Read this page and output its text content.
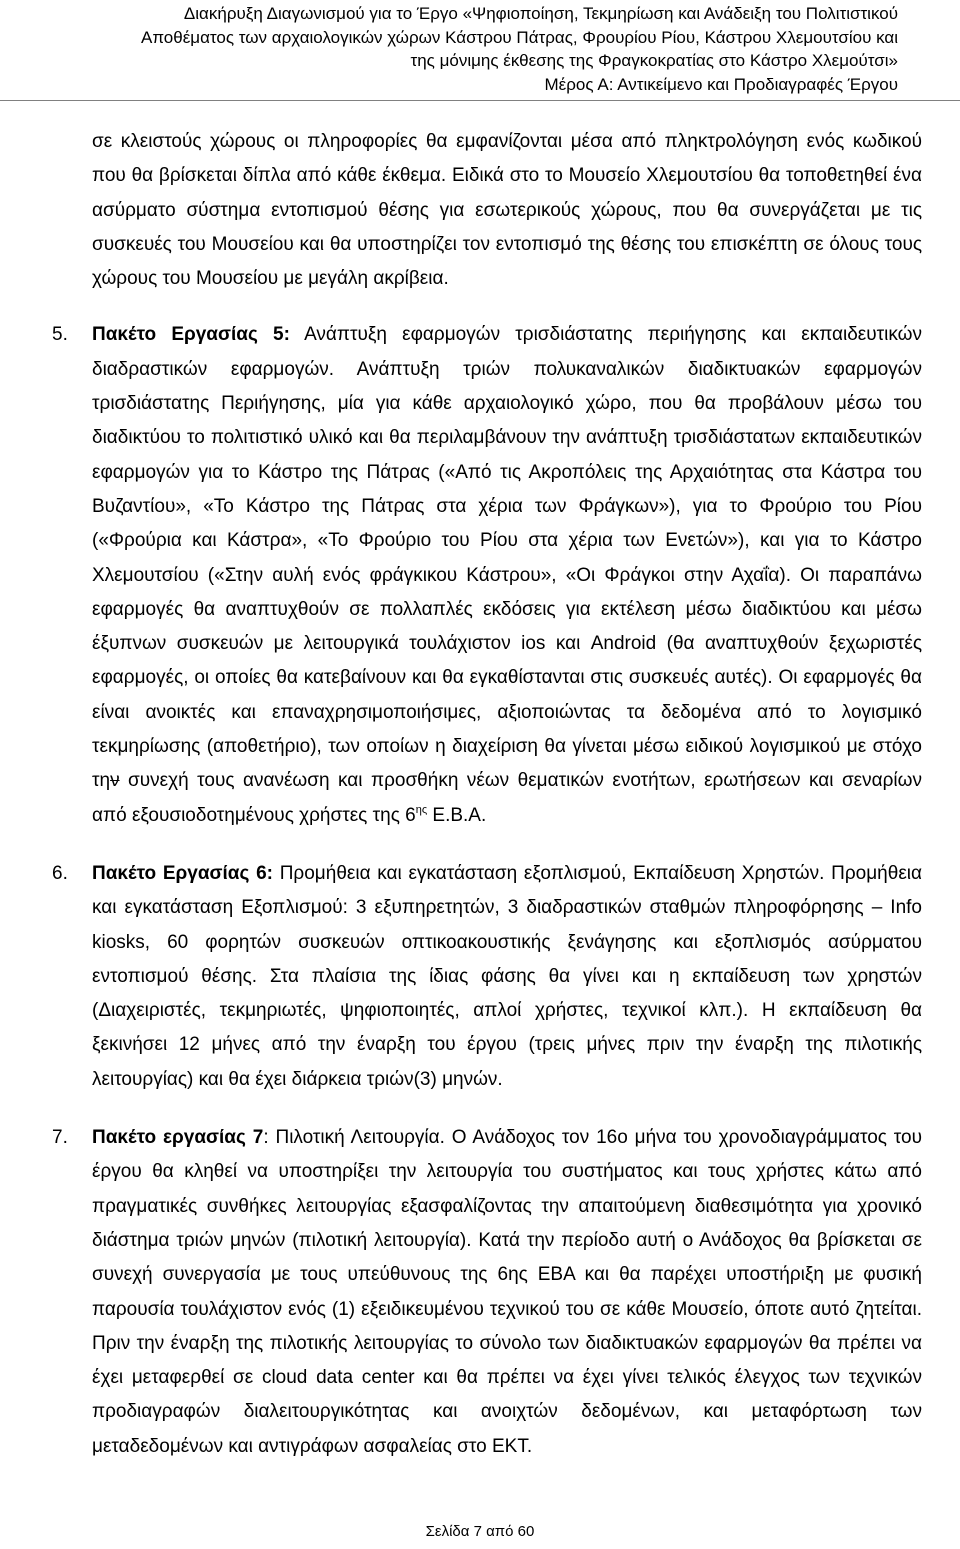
Διακήρυξη Διαγωνισμού για το Έργο «Ψηφιοποίηση, Τεκμηρίωση και Ανάδειξη του Πολιτιστικού
Αποθέματος των αρχαιολογικών χώρων Κάστρου Πάτρας, Φρουρίου Ρίου, Κάστρου Χλεμουτσίου και
της μόνιμης έκθεσης της Φραγκοκρατίας στο Κάστρο Χλεμούτσι»
Μέρος Α: Αντικείμενο και Προδιαγραφές Έργου

σε κλειστούς χώρους οι πληροφορίες θα εμφανίζονται μέσα από πληκτρολόγηση ενός κωδικού που θα βρίσκεται δίπλα από κάθε έκθεμα. Ειδικά στο το Μουσείο Χλεμουτσίου θα τοποθετηθεί ένα ασύρματο σύστημα εντοπισμού θέσης για εσωτερικούς χώρους, που θα συνεργάζεται με τις συσκευές του Μουσείου και θα υποστηρίζει τον εντοπισμό της θέσης του επισκέπτη σε όλους τους χώρους του Μουσείου με μεγάλη ακρίβεια.

5. Πακέτο Εργασίας 5: Ανάπτυξη εφαρμογών τρισδιάστατης περιήγησης και εκπαιδευτικών διαδραστικών εφαρμογών. Ανάπτυξη τριών πολυκαναλικών διαδικτυακών εφαρμογών τρισδιάστατης Περιήγησης, μία για κάθε αρχαιολογικό χώρο, που θα προβάλουν μέσω του διαδικτύου το πολιτιστικό υλικό και θα περιλαμβάνουν την ανάπτυξη τρισδιάστατων εκπαιδευτικών εφαρμογών για το Κάστρο της Πάτρας («Από τις Ακροπόλεις της Αρχαιότητας στα Κάστρα του Βυζαντίου», «Το Κάστρο της Πάτρας στα χέρια των Φράγκων»), για το Φρούριο του Ρίου («Φρούρια και Κάστρα», «Το Φρούριο του Ρίου στα χέρια των Ενετών»), και για το Κάστρο Χλεμουτσίου («Στην αυλή ενός φράγκικου Κάστρου», «Οι Φράγκοι στην Αχαΐα). Οι παραπάνω εφαρμογές θα αναπτυχθούν σε πολλαπλές εκδόσεις για εκτέλεση μέσω διαδικτύου και μέσω έξυπνων συσκευών με λειτουργικά τουλάχιστον ios και Android (θα αναπτυχθούν ξεχωριστές εφαρμογές, οι οποίες θα κατεβαίνουν και θα εγκαθίστανται στις συσκευές αυτές). Οι εφαρμογές θα είναι ανοικτές και επαναχρησιμοποιήσιμες, αξιοποιώντας τα δεδομένα από το λογισμικό τεκμηρίωσης (αποθετήριο), των οποίων η διαχείριση θα γίνεται μέσω ειδικού λογισμικού με στόχο την συνεχή τους ανανέωση και προσθήκη νέων θεματικών ενοτήτων, ερωτήσεων και σεναρίων από εξουσιοδοτημένους χρήστες της $6^{\eta\varsigma}$ Ε.Β.Α.

6. Πακέτο Εργασίας 6: Προμήθεια και εγκατάσταση εξοπλισμού, Εκπαίδευση Χρηστών. Προμήθεια και εγκατάσταση Εξοπλισμού: 3 εξυπηρετητών, 3 διαδραστικών σταθμών πληροφόρησης – Info kiosks, 60 φορητών συσκευών οπτικοακουστικής ξενάγησης και εξοπλισμός ασύρματου εντοπισμού θέσης. Στα πλαίσια της ίδιας φάσης θα γίνει και η εκπαίδευση των χρηστών (Διαχειριστές, τεκμηριωτές, ψηφιοποιητές, απλοί χρήστες, τεχνικοί κλπ.). Η εκπαίδευση θα ξεκινήσει 12 μήνες από την έναρξη του έργου (τρεις μήνες πριν την έναρξη της πιλοτικής λειτουργίας) και θα έχει διάρκεια τριών(3) μηνών.

7. Πακέτο εργασίας 7: Πιλοτική Λειτουργία. Ο Ανάδοχος τον 16ο μήνα του χρονοδιαγράμματος του έργου θα κληθεί να υποστηρίξει την λειτουργία του συστήματος και τους χρήστες κάτω από πραγματικές συνθήκες λειτουργίας εξασφαλίζοντας την απαιτούμενη διαθεσιμότητα για χρονικό διάστημα τριών μηνών (πιλοτική λειτουργία). Κατά την περίοδο αυτή ο Ανάδοχος θα βρίσκεται σε συνεχή συνεργασία με τους υπεύθυνους της 6ης ΕΒΑ και θα παρέχει υποστήριξη με φυσική παρουσία τουλάχιστον ενός (1) εξειδικευμένου τεχνικού του σε κάθε Μουσείο, όποτε αυτό ζητείται. Πριν την έναρξη της πιλοτικής λειτουργίας το σύνολο των διαδικτυακών εφαρμογών θα πρέπει να έχει μεταφερθεί σε cloud data center και θα πρέπει να έχει γίνει τελικός έλεγχος των τεχνικών προδιαγραφών διαλειτουργικότητας και ανοιχτών δεδομένων, και μεταφόρτωση των μεταδεδομένων και αντιγράφων ασφαλείας στο ΕΚΤ.

Σελίδα 7 από 60
